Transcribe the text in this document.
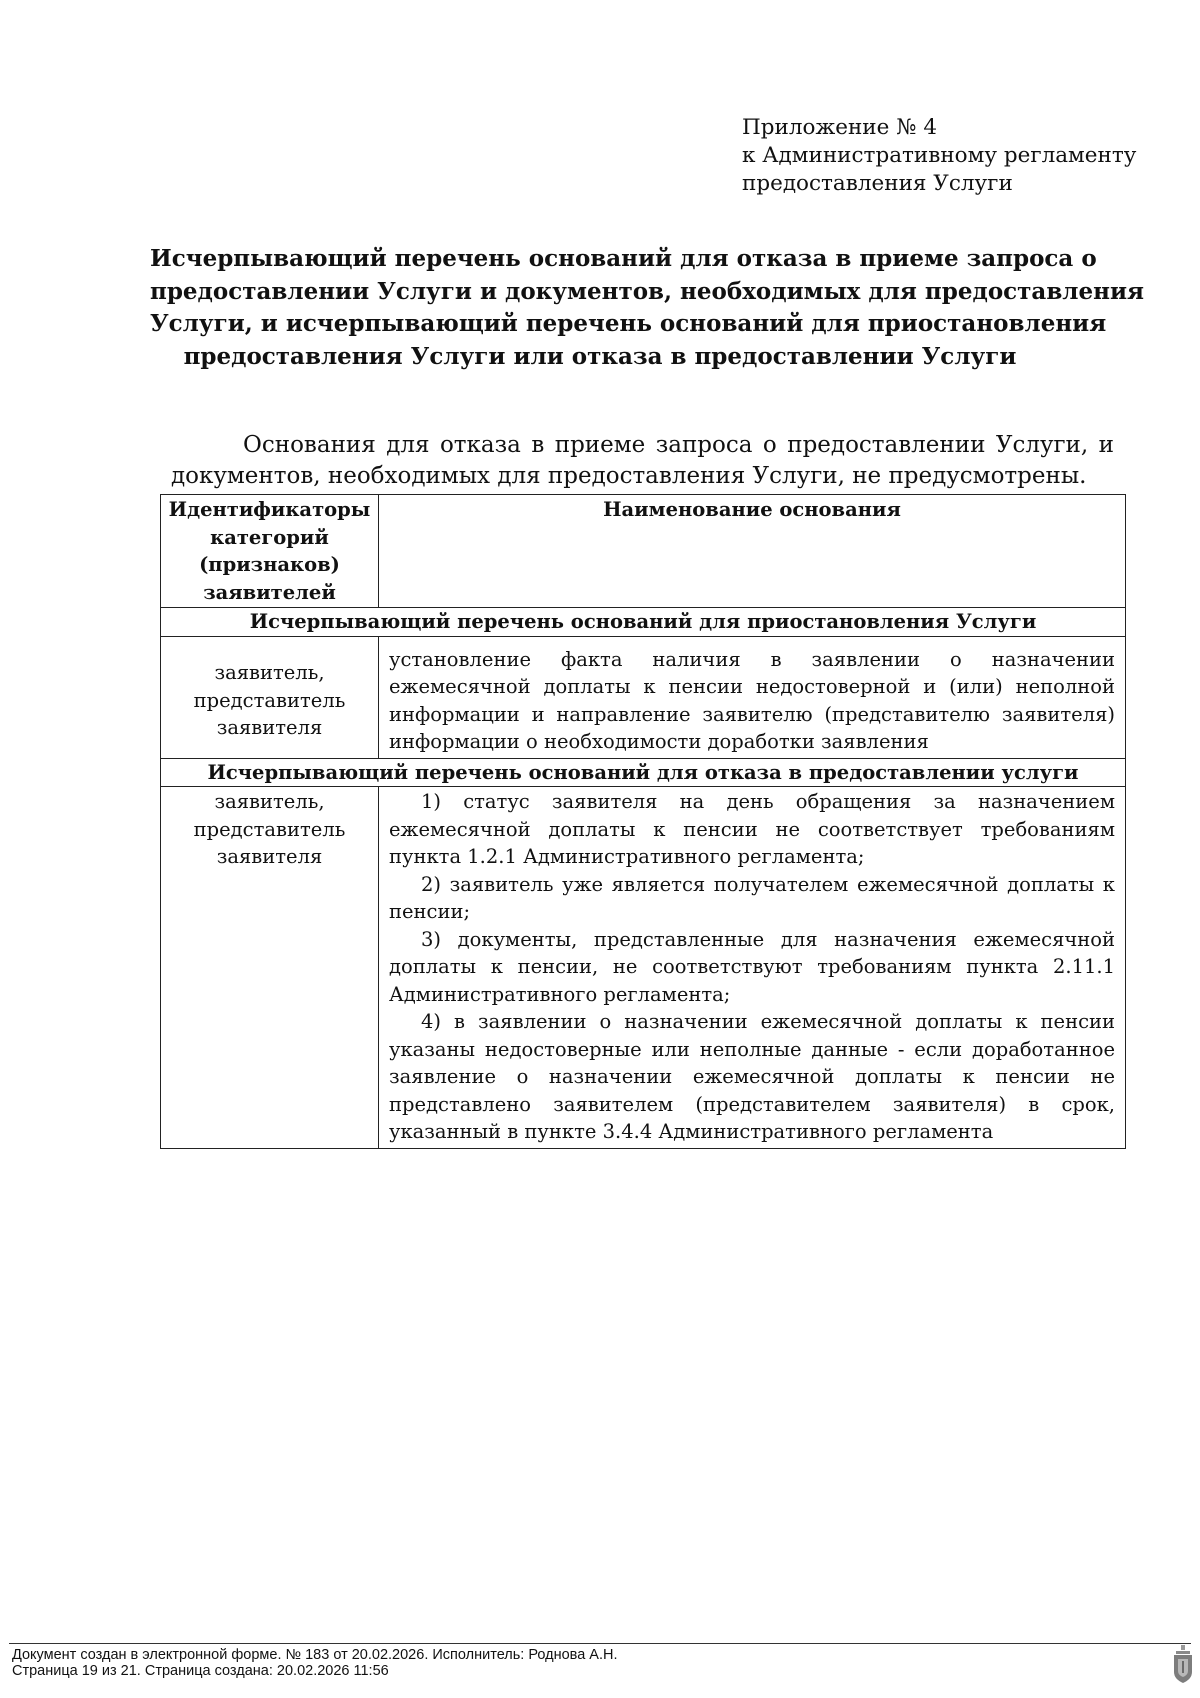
Приложение № 4
к Административному регламенту
предоставления Услуги
Исчерпывающий перечень оснований для отказа в приеме запроса о
предоставлении Услуги и документов, необходимых для предоставления
Услуги, и исчерпывающий перечень оснований для приостановления
предоставления Услуги или отказа в предоставлении Услуги
Основания для отказа в приеме запроса о предоставлении Услуги, и
документов, необходимых для предоставления Услуги, не предусмотрены.
Идентификаторы категорий (признаков) заявителей	Наименование основания
Исчерпывающий перечень оснований для приостановления Услуги	
заявитель, представитель заявителя	установление факта наличия в заявлении о назначении ежемесячной доплаты к пенсии недостоверной и (или) неполной информации и направление заявителю (представителю заявителя) информации о необходимости доработки заявления
Исчерпывающий перечень оснований для отказа в предоставлении услуги	
заявитель, представитель заявителя	1) статус заявителя на день обращения за назначением ежемесячной доплаты к пенсии не соответствует требованиям пункта 1.2.1 Административного регламента;
2) заявитель уже является получателем ежемесячной доплаты к пенсии;
3) документы, представленные для назначения ежемесячной доплаты к пенсии, не соответствуют требованиям пункта 2.11.1 Административного регламента;
4) в заявлении о назначении ежемесячной доплаты к пенсии указаны недостоверные или неполные данные - если доработанное заявление о назначении ежемесячной доплаты к пенсии не представлено заявителем (представителем заявителя) в срок, указанный в пункте 3.4.4 Административного регламента
Документ создан в электронной форме. № 183 от 20.02.2026. Исполнитель: Роднова А.Н.
Страница 19 из 21. Страница создана: 20.02.2026 11:56
